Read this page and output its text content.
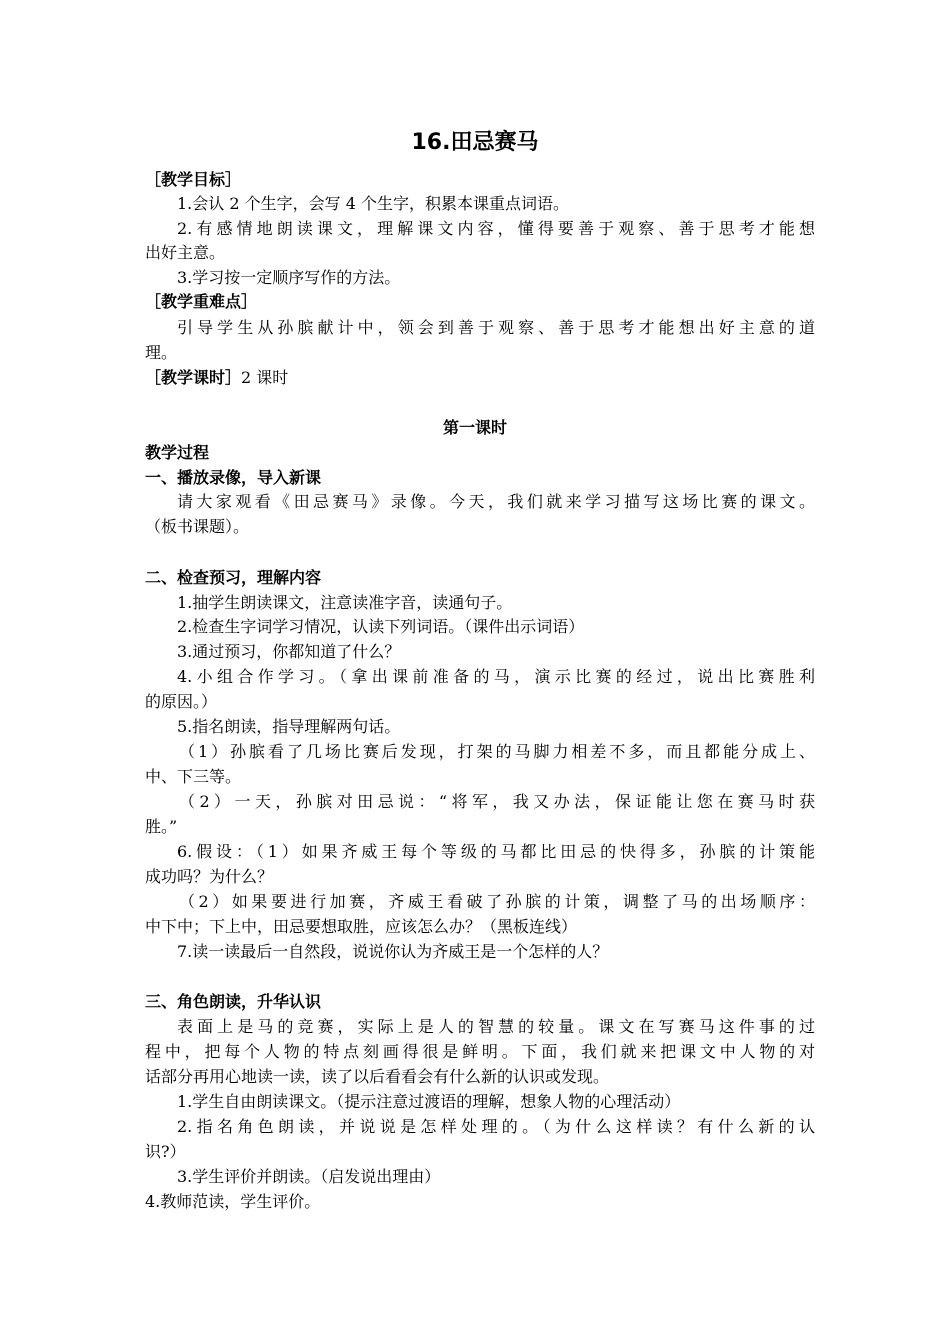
16.田忌赛马
［教学目标］
1.会认 2 个生字，会写 4 个生字，积累本课重点词语。
2.有感情地朗读课文，理解课文内容，懂得要善于观察、善于思考才能想
出好主意。
3.学习按一定顺序写作的方法。
［教学重难点］
引导学生从孙膑献计中，领会到善于观察、善于思考才能想出好主意的道
理。
［教学课时］2 课时
第一课时
教学过程
一、播放录像，导入新课
请大家观看《田忌赛马》录像。今天，我们就来学习描写这场比赛的课文。
（板书课题）。
二、检查预习，理解内容
1.抽学生朗读课文，注意读准字音，读通句子。
2.检查生字词学习情况，认读下列词语。（课件出示词语）
3.通过预习，你都知道了什么？
4.小组合作学习。（拿出课前准备的马，演示比赛的经过，说出比赛胜利
的原因。）
5.指名朗读，指导理解两句话。
（1）孙膑看了几场比赛后发现，打架的马脚力相差不多，而且都能分成上、
中、下三等。
（2）一天，孙膑对田忌说：“将军，我又办法，保证能让您在赛马时获
胜。”
6.假设：（1）如果齐威王每个等级的马都比田忌的快得多，孙膑的计策能
成功吗？为什么？
（2）如果要进行加赛，齐威王看破了孙膑的计策，调整了马的出场顺序：
中下中；下上中，田忌要想取胜，应该怎么办？（黑板连线）
7.读一读最后一自然段，说说你认为齐威王是一个怎样的人？
三、角色朗读，升华认识
表面上是马的竞赛，实际上是人的智慧的较量。课文在写赛马这件事的过
程中，把每个人物的特点刻画得很是鲜明。下面，我们就来把课文中人物的对
话部分再用心地读一读，读了以后看看会有什么新的认识或发现。
1.学生自由朗读课文。（提示注意过渡语的理解，想象人物的心理活动）
2.指名角色朗读，并说说是怎样处理的。（为什么这样读？有什么新的认
识?）
3.学生评价并朗读。（启发说出理由）
4.教师范读，学生评价。
